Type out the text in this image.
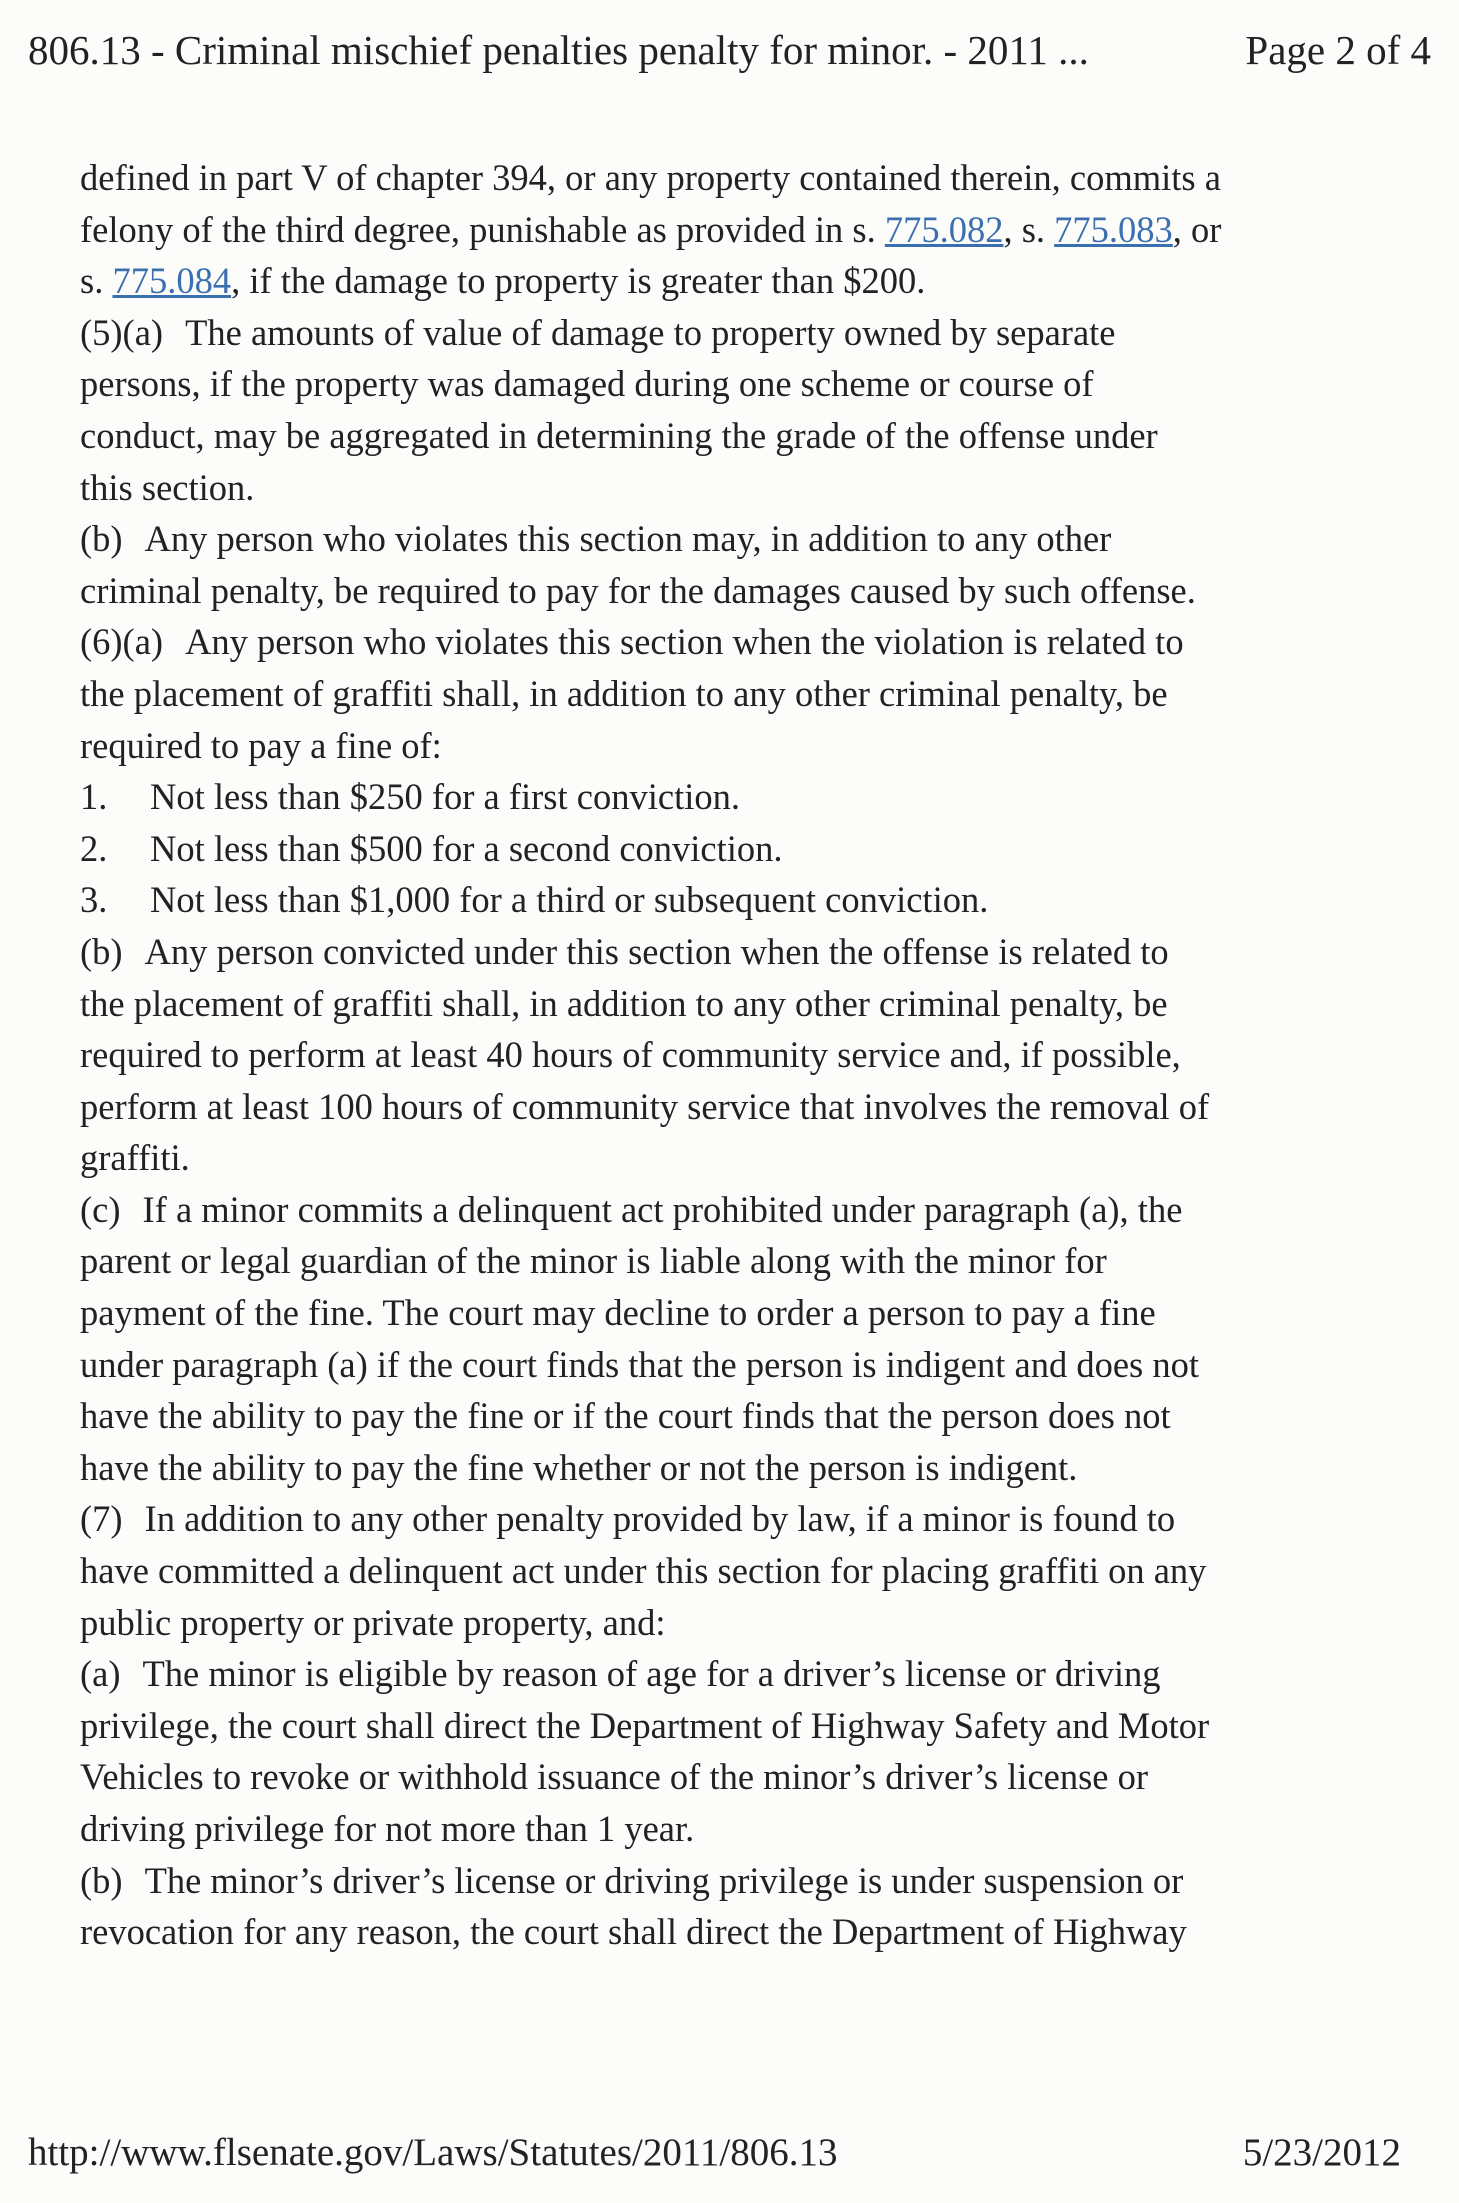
806.13 - Criminal mischief penalties penalty for minor. - 2011 ...	Page 2 of 4
defined in part V of chapter 394, or any property contained therein, commits a
felony of the third degree, punishable as provided in s. 775.082, s. 775.083, or
s. 775.084, if the damage to property is greater than $200.
(5)(a) The amounts of value of damage to property owned by separate
persons, if the property was damaged during one scheme or course of
conduct, may be aggregated in determining the grade of the offense under
this section.
(b) Any person who violates this section may, in addition to any other
criminal penalty, be required to pay for the damages caused by such offense.
(6)(a) Any person who violates this section when the violation is related to
the placement of graffiti shall, in addition to any other criminal penalty, be
required to pay a fine of:
1. Not less than $250 for a first conviction.
2. Not less than $500 for a second conviction.
3. Not less than $1,000 for a third or subsequent conviction.
(b) Any person convicted under this section when the offense is related to
the placement of graffiti shall, in addition to any other criminal penalty, be
required to perform at least 40 hours of community service and, if possible,
perform at least 100 hours of community service that involves the removal of
graffiti.
(c) If a minor commits a delinquent act prohibited under paragraph (a), the
parent or legal guardian of the minor is liable along with the minor for
payment of the fine. The court may decline to order a person to pay a fine
under paragraph (a) if the court finds that the person is indigent and does not
have the ability to pay the fine or if the court finds that the person does not
have the ability to pay the fine whether or not the person is indigent.
(7) In addition to any other penalty provided by law, if a minor is found to
have committed a delinquent act under this section for placing graffiti on any
public property or private property, and:
(a) The minor is eligible by reason of age for a driver’s license or driving
privilege, the court shall direct the Department of Highway Safety and Motor
Vehicles to revoke or withhold issuance of the minor’s driver’s license or
driving privilege for not more than 1 year.
(b) The minor’s driver’s license or driving privilege is under suspension or
revocation for any reason, the court shall direct the Department of Highway
http://www.flsenate.gov/Laws/Statutes/2011/806.13	5/23/2012
